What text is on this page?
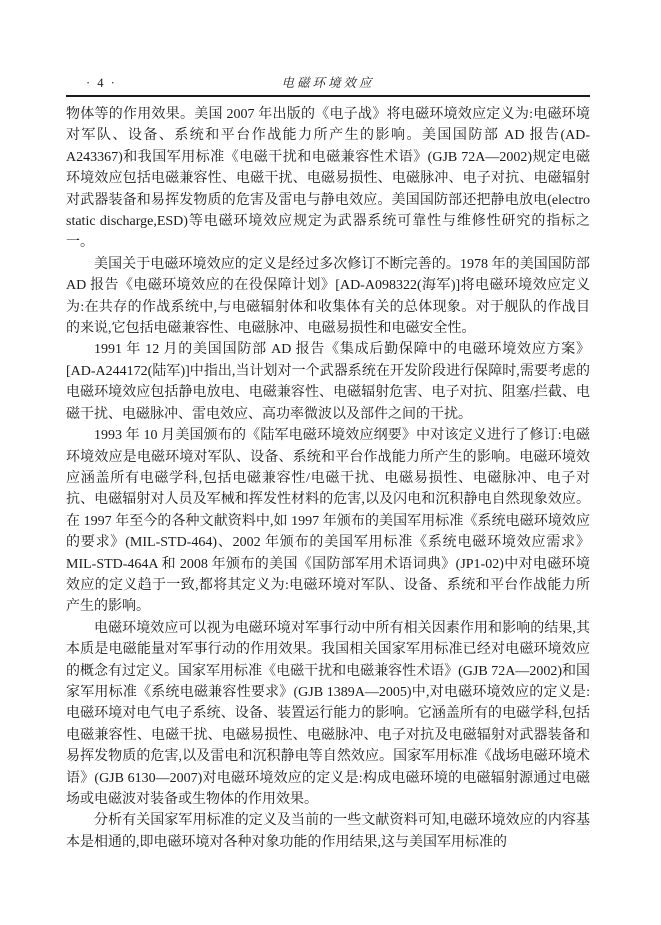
· 4 ·	电磁环境效应

物体等的作用效果。美国 2007 年出版的《电子战》将电磁环境效应定义为:电磁环境对军队、设备、系统和平台作战能力所产生的影响。美国国防部 AD 报告(AD-A243367)和我国军用标准《电磁干扰和电磁兼容性术语》(GJB 72A—2002)规定电磁环境效应包括电磁兼容性、电磁干扰、电磁易损性、电磁脉冲、电子对抗、电磁辐射对武器装备和易挥发物质的危害及雷电与静电效应。美国国防部还把静电放电(electro static discharge,ESD)等电磁环境效应规定为武器系统可靠性与维修性研究的指标之一。

美国关于电磁环境效应的定义是经过多次修订不断完善的。1978 年的美国国防部 AD 报告《电磁环境效应的在役保障计划》[AD-A098322(海军)]将电磁环境效应定义为:在共存的作战系统中,与电磁辐射体和收集体有关的总体现象。对于舰队的作战目的来说,它包括电磁兼容性、电磁脉冲、电磁易损性和电磁安全性。

1991 年 12 月的美国国防部 AD 报告《集成后勤保障中的电磁环境效应方案》[AD-A244172(陆军)]中指出,当计划对一个武器系统在开发阶段进行保障时,需要考虑的电磁环境效应包括静电放电、电磁兼容性、电磁辐射危害、电子对抗、阻塞/拦截、电磁干扰、电磁脉冲、雷电效应、高功率微波以及部件之间的干扰。

1993 年 10 月美国颁布的《陆军电磁环境效应纲要》中对该定义进行了修订:电磁环境效应是电磁环境对军队、设备、系统和平台作战能力所产生的影响。电磁环境效应涵盖所有电磁学科,包括电磁兼容性/电磁干扰、电磁易损性、电磁脉冲、电子对抗、电磁辐射对人员及军械和挥发性材料的危害,以及闪电和沉积静电自然现象效应。在 1997 年至今的各种文献资料中,如 1997 年颁布的美国军用标准《系统电磁环境效应的要求》(MIL-STD-464)、2002 年颁布的美国军用标准《系统电磁环境效应需求》MIL-STD-464A 和 2008 年颁布的美国《国防部军用术语词典》(JP1-02)中对电磁环境效应的定义趋于一致,都将其定义为:电磁环境对军队、设备、系统和平台作战能力所产生的影响。

电磁环境效应可以视为电磁环境对军事行动中所有相关因素作用和影响的结果,其本质是电磁能量对军事行动的作用效果。我国相关国家军用标准已经对电磁环境效应的概念有过定义。国家军用标准《电磁干扰和电磁兼容性术语》(GJB 72A—2002)和国家军用标准《系统电磁兼容性要求》(GJB 1389A—2005)中,对电磁环境效应的定义是:电磁环境对电气电子系统、设备、装置运行能力的影响。它涵盖所有的电磁学科,包括电磁兼容性、电磁干扰、电磁易损性、电磁脉冲、电子对抗及电磁辐射对武器装备和易挥发物质的危害,以及雷电和沉积静电等自然效应。国家军用标准《战场电磁环境术语》(GJB 6130—2007)对电磁环境效应的定义是:构成电磁环境的电磁辐射源通过电磁场或电磁波对装备或生物体的作用效果。

分析有关国家军用标准的定义及当前的一些文献资料可知,电磁环境效应的内容基本是相通的,即电磁环境对各种对象功能的作用结果,这与美国军用标准的
